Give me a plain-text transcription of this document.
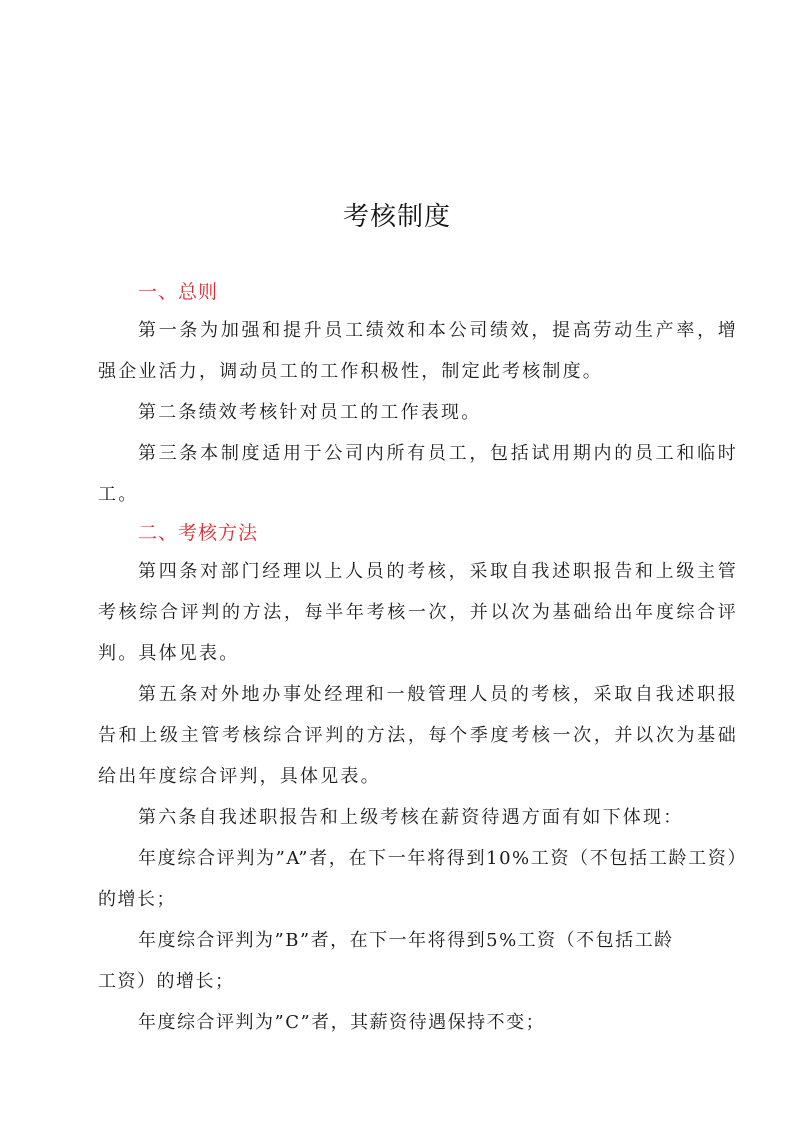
考核制度
一、总则
第一条为加强和提升员工绩效和本公司绩效，提高劳动生产率，增强企业活力，调动员工的工作积极性，制定此考核制度。
第二条绩效考核针对员工的工作表现。
第三条本制度适用于公司内所有员工，包括试用期内的员工和临时工。
二、考核方法
第四条对部门经理以上人员的考核，采取自我述职报告和上级主管考核综合评判的方法，每半年考核一次，并以次为基础给出年度综合评判。具体见表。
第五条对外地办事处经理和一般管理人员的考核，采取自我述职报告和上级主管考核综合评判的方法，每个季度考核一次，并以次为基础给出年度综合评判，具体见表。
第六条自我述职报告和上级考核在薪资待遇方面有如下体现：
年度综合评判为”A”者，在下一年将得到10%工资（不包括工龄工资）的增长；
年度综合评判为”B”者，在下一年将得到5%工资（不包括工龄
工资）的增长；
年度综合评判为”C”者，其薪资待遇保持不变；
